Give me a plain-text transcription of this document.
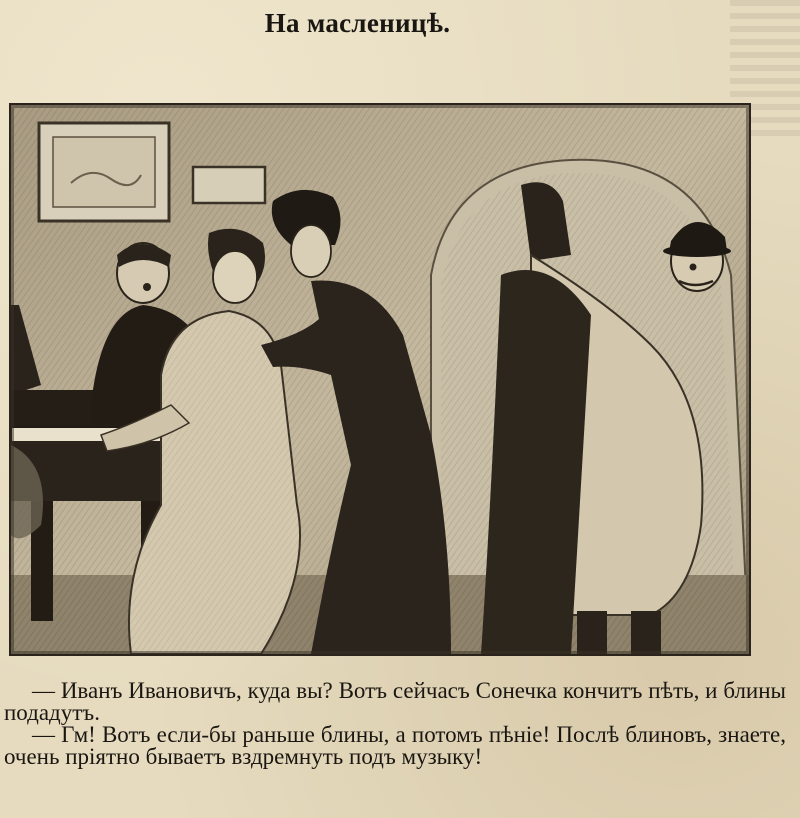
На масленицѣ.

— Иванъ Ивановичъ, куда вы? Вотъ сейчасъ Сонечка кончитъ пѣть, и блины подадутъ.

— Гм! Вотъ если-бы раньше блины, а потомъ пѣніе! Послѣ блиновъ, знаете, очень пріятно бываетъ вздремнуть подъ музыку!
